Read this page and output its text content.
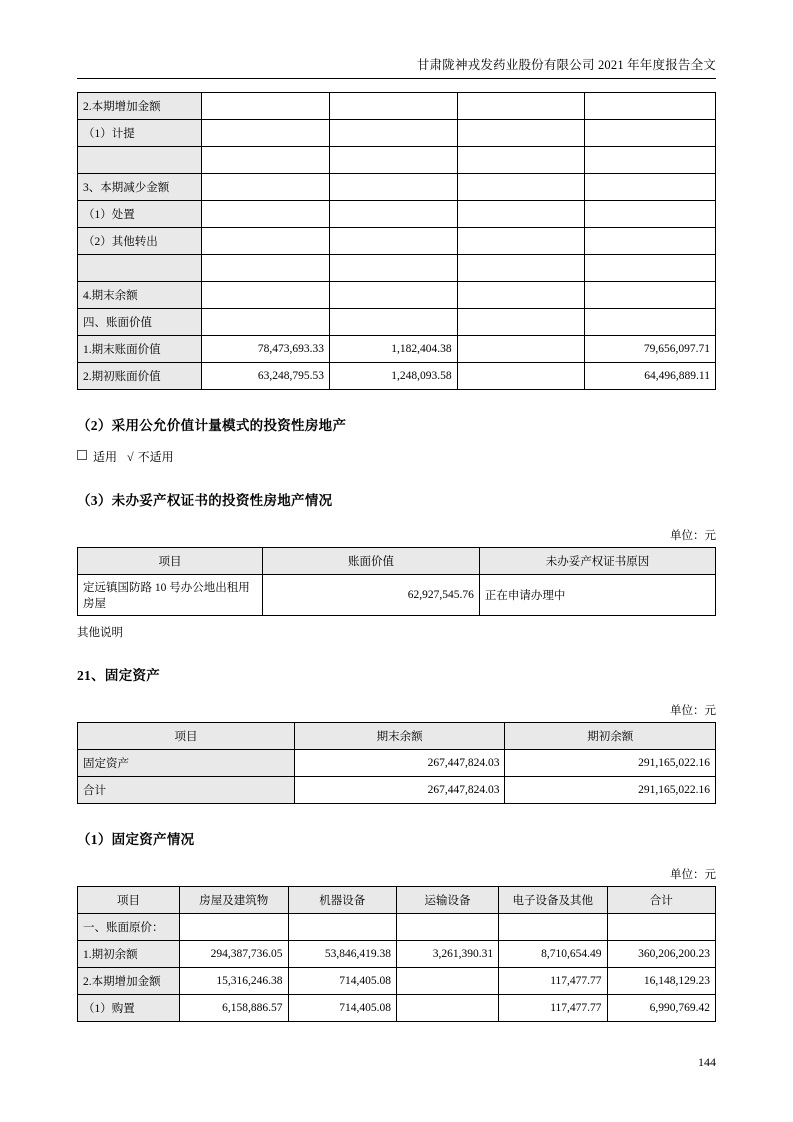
甘肃陇神戎发药业股份有限公司 2021 年年度报告全文
2.本期增加金额				
（1）计提				

3、本期减少金额				
（1）处置				
（2）其他转出				

4.期末余额				
四、账面价值				
1.期末账面价值	78,473,693.33	1,182,404.38		79,656,097.71
2.期初账面价值	63,248,795.53	1,248,093.58		64,496,889.11
（2）采用公允价值计量模式的投资性房地产
适用 √ 不适用
（3）未办妥产权证书的投资性房地产情况
单位：元
项目	账面价值	未办妥产权证书原因
定远镇国防路 10 号办公地出租用房屋	62,927,545.76	正在申请办理中
其他说明
21、固定资产
单位：元
项目	期末余额	期初余额
固定资产	267,447,824.03	291,165,022.16
合计	267,447,824.03	291,165,022.16
（1）固定资产情况
单位：元
项目	房屋及建筑物	机器设备	运输设备	电子设备及其他	合计
一、账面原价：					
1.期初余额	294,387,736.05	53,846,419.38	3,261,390.31	8,710,654.49	360,206,200.23
2.本期增加金额	15,316,246.38	714,405.08		117,477.77	16,148,129.23
（1）购置	6,158,886.57	714,405.08		117,477.77	6,990,769.42
144
